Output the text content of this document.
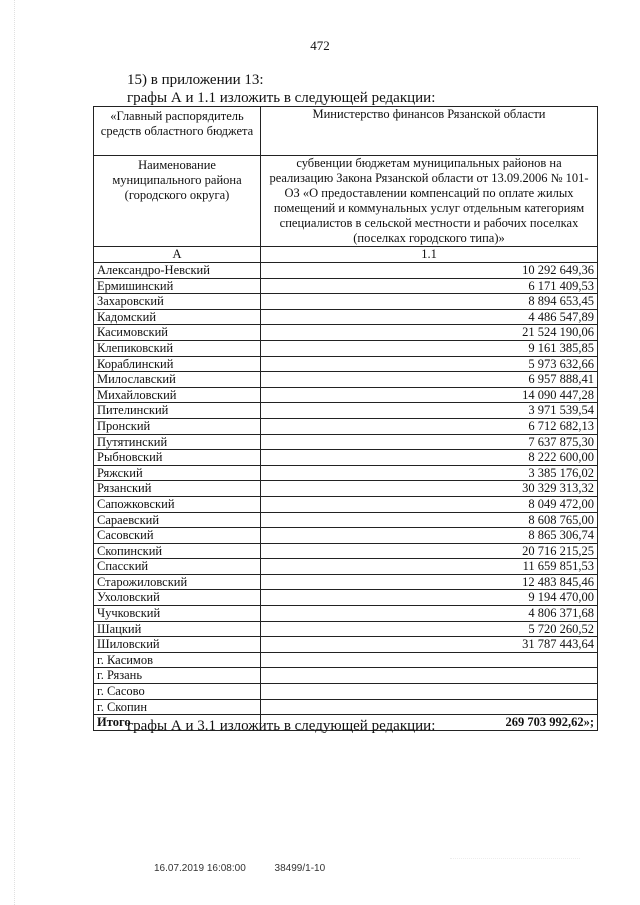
472
15) в приложении 13:
графы А и 1.1 изложить в следующей редакции:
«Главный распорядитель средств областного бюджета	Министерство финансов Рязанской области
Наименование муниципального района (городского округа)	субвенции бюджетам муниципальных районов на реализацию Закона Рязанской области от 13.09.2006 № 101-ОЗ «О предоставлении компенсаций по оплате жилых помещений и коммунальных услуг отдельным категориям специалистов в сельской местности и рабочих поселках (поселках городского типа)»
А	1.1
Александро-Невский	10 292 649,36
Ермишинский	6 171 409,53
Захаровский	8 894 653,45
Кадомский	4 486 547,89
Касимовский	21 524 190,06
Клепиковский	9 161 385,85
Кораблинский	5 973 632,66
Милославский	6 957 888,41
Михайловский	14 090 447,28
Пителинский	3 971 539,54
Пронский	6 712 682,13
Путятинский	7 637 875,30
Рыбновский	8 222 600,00
Ряжский	3 385 176,02
Рязанский	30 329 313,32
Сапожковский	8 049 472,00
Сараевский	8 608 765,00
Сасовский	8 865 306,74
Скопинский	20 716 215,25
Спасский	11 659 851,53
Старожиловский	12 483 845,46
Ухоловский	9 194 470,00
Чучковский	4 806 371,68
Шацкий	5 720 260,52
Шиловский	31 787 443,64
г. Касимов	
г. Рязань	
г. Сасово	
г. Скопин	
Итого	269 703 992,62»;
графы А и 3.1 изложить в следующей редакции:
16.07.2019 16:08:00	38499/1-10
